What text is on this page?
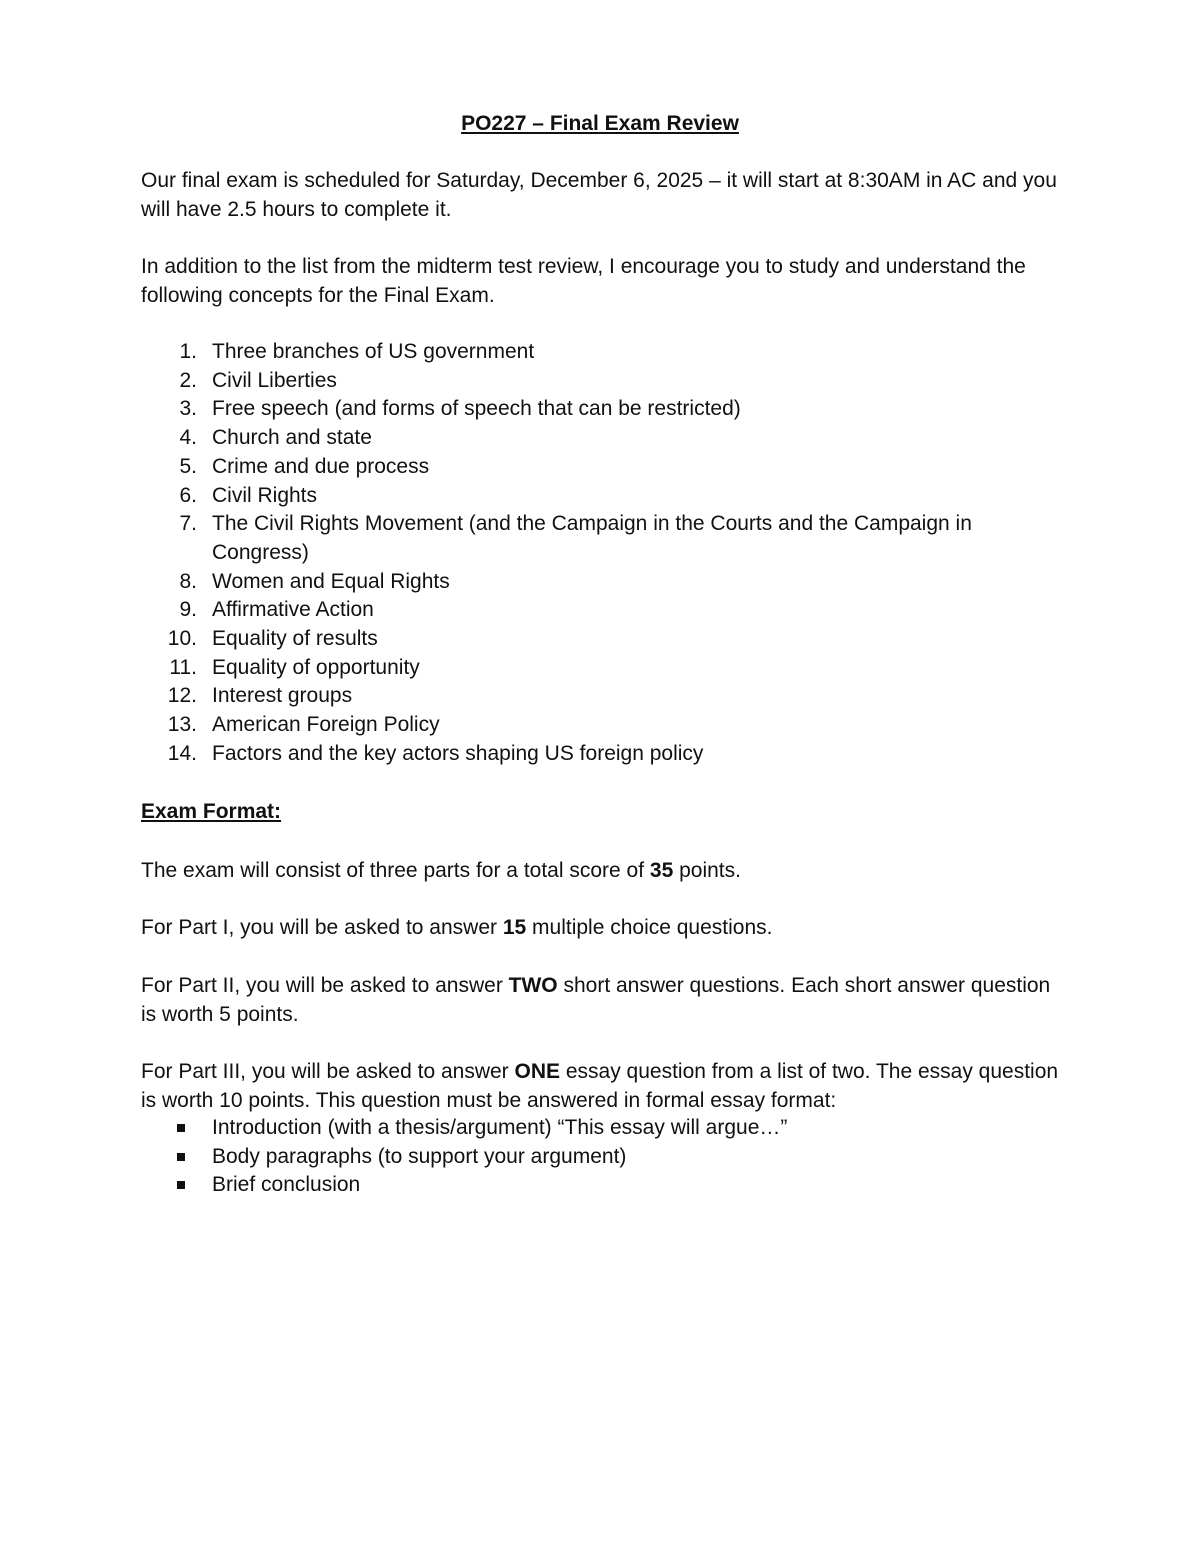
PO227 – Final Exam Review

Our final exam is scheduled for Saturday, December 6, 2025 – it will start at 8:30AM in AC and you will have 2.5 hours to complete it.

In addition to the list from the midterm test review, I encourage you to study and understand the following concepts for the Final Exam.

1. Three branches of US government
2. Civil Liberties
3. Free speech (and forms of speech that can be restricted)
4. Church and state
5. Crime and due process
6. Civil Rights
7. The Civil Rights Movement (and the Campaign in the Courts and the Campaign in Congress)
8. Women and Equal Rights
9. Affirmative Action
10. Equality of results
11. Equality of opportunity
12. Interest groups
13. American Foreign Policy
14. Factors and the key actors shaping US foreign policy
Exam Format:

The exam will consist of three parts for a total score of 35 points.

For Part I, you will be asked to answer 15 multiple choice questions.

For Part II, you will be asked to answer TWO short answer questions. Each short answer question is worth 5 points.

For Part III, you will be asked to answer ONE essay question from a list of two. The essay question is worth 10 points. This question must be answered in formal essay format:

Introduction (with a thesis/argument) “This essay will argue…”
Body paragraphs (to support your argument)
Brief conclusion
